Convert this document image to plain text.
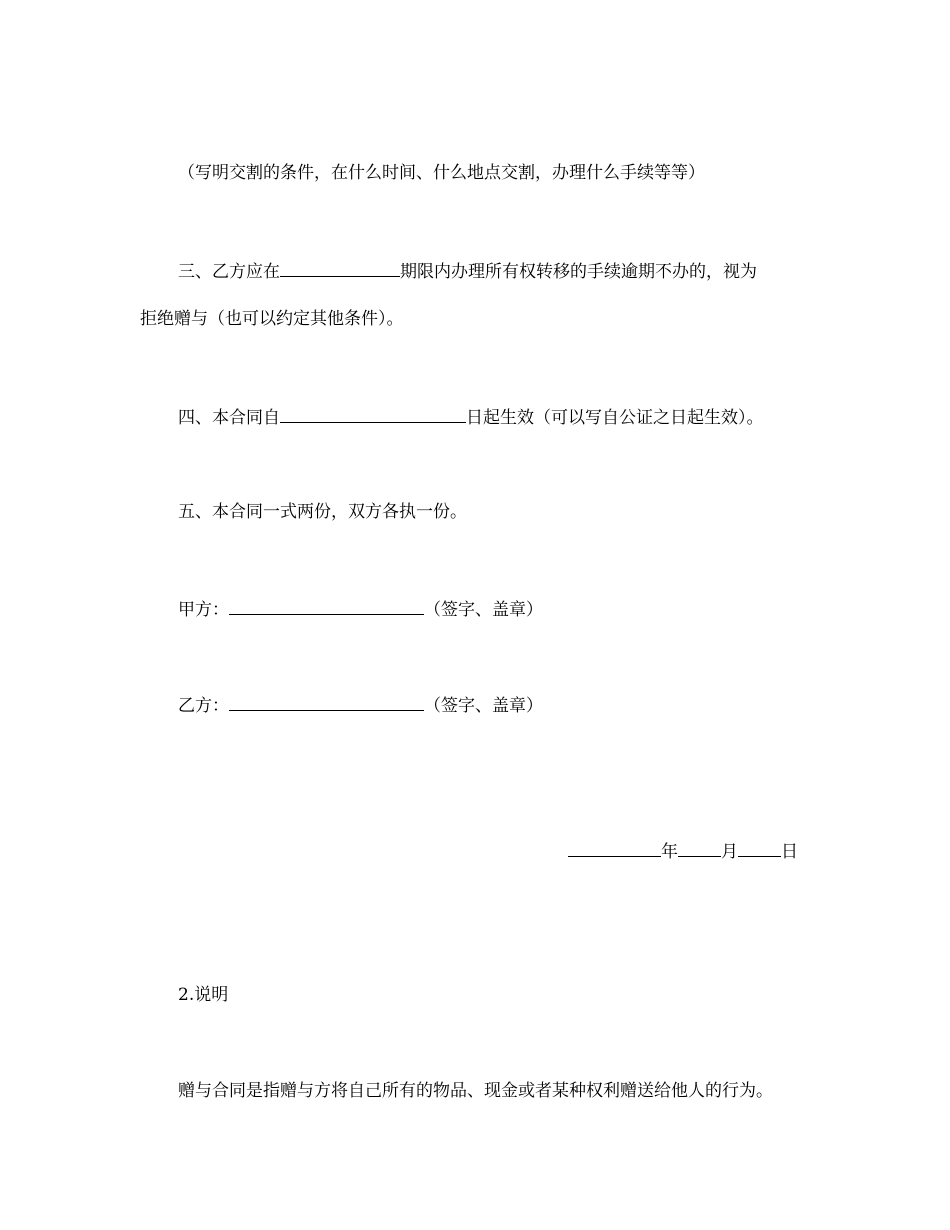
（写明交割的条件，在什么时间、什么地点交割，办理什么手续等等）
三、乙方应在	期限内办理所有权转移的手续逾期不办的，视为
拒绝赠与（也可以约定其他条件）。
四、本合同自	日起生效（可以写自公证之日起生效）。
五、本合同一式两份，双方各执一份。
甲方：	（签字、盖章）
乙方：	（签字、盖章）
年	月	日
2.说明
赠与合同是指赠与方将自己所有的物品、现金或者某种权利赠送给他人的行为。
